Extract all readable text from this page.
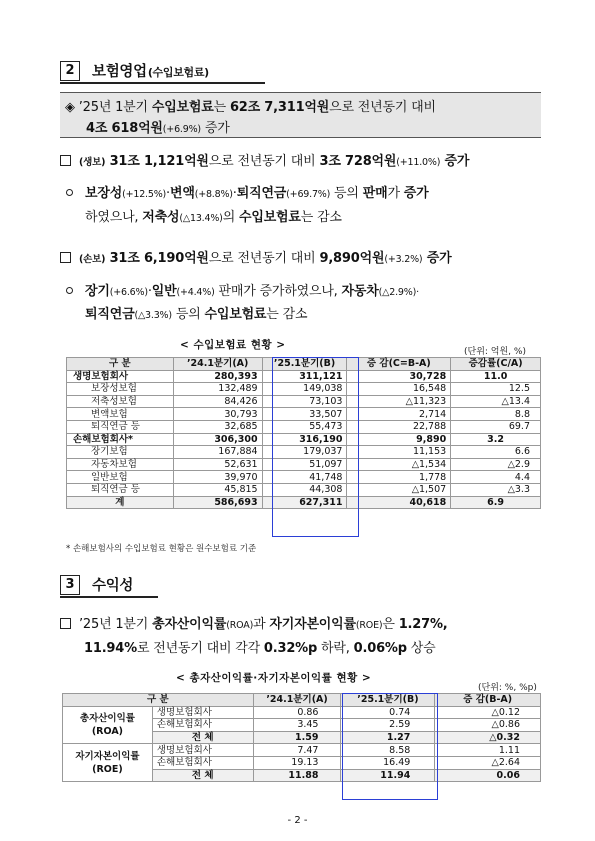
2	보험영업(수입보험료)
◈ ’25년 1분기 수입보험료는 62조 7,311억원으로 전년동기 대비
4조 618억원(+6.9%) 증가
(생보) 31조 1,121억원으로 전년동기 대비 3조 728억원(+11.0%) 증가
보장성(+12.5%)·변액(+8.8%)·퇴직연금(+69.7%) 등의 판매가 증가
하였으나, 저축성(△13.4%)의 수입보험료는 감소
(손보) 31조 6,190억원으로 전년동기 대비 9,890억원(+3.2%) 증가
장기(+6.6%)·일반(+4.4%) 판매가 증가하였으나, 자동차(△2.9%)·
퇴직연금(△3.3%) 등의 수입보험료는 감소
< 수입보험료 현황 >
(단위: 억원, %)
구 분	’24.1분기(A)	’25.1분기(B)	증 감(C=B-A)	증감률(C/A)
생명보험회사	280,393	311,121	30,728	11.0
보장성보험	132,489	149,038	16,548	12.5
저축성보험	84,426	73,103	△11,323	△13.4
변액보험	30,793	33,507	2,714	8.8
퇴직연금 등	32,685	55,473	22,788	69.7
손해보험회사*	306,300	316,190	9,890	3.2
장기보험	167,884	179,037	11,153	6.6
자동차보험	52,631	51,097	△1,534	△2.9
일반보험	39,970	41,748	1,778	4.4
퇴직연금 등	45,815	44,308	△1,507	△3.3
계	586,693	627,311	40,618	6.9
* 손해보험사의 수입보험료 현황은 원수보험료 기준
3	수익성
’25년 1분기 총자산이익률(ROA)과 자기자본이익률(ROE)은 1.27%,
11.94%로 전년동기 대비 각각 0.32%p 하락, 0.06%p 상승
< 총자산이익률·자기자본이익률 현황 >
(단위: %, %p)
구 분		’24.1분기(A)	’25.1분기(B)	증 감(B-A)

총자산이익률
(ROA)	생명보험회사	0.86	0.74	△0.12
	손해보험회사	3.45	2.59	△0.86
	전 체	1.59	1.27	△0.32

자기자본이익률
(ROE)	생명보험회사	7.47	8.58	1.11
	손해보험회사	19.13	16.49	△2.64
	전 체	11.88	11.94	0.06
- 2 -
